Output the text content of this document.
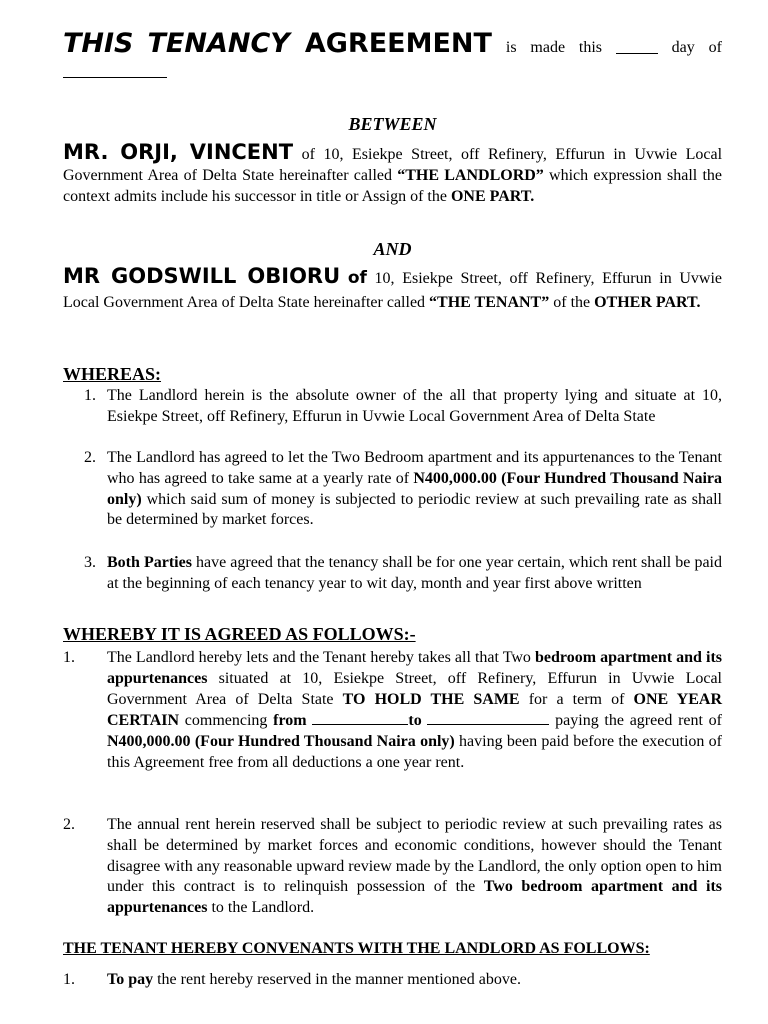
THIS TENANCY AGREEMENT is made this	day of
BETWEEN
MR. ORJI, VINCENT of 10, Esiekpe Street, off Refinery, Effurun in Uvwie Local Government Area of Delta State hereinafter called “THE LANDLORD” which expression shall the context admits include his successor in title or Assign of the ONE PART.
AND
MR GODSWILL OBIORU of 10, Esiekpe Street, off Refinery, Effurun in Uvwie Local Government Area of Delta State hereinafter called “THE TENANT” of the OTHER PART.
WHEREAS:
1. The Landlord herein is the absolute owner of the all that property lying and situate at 10, Esiekpe Street, off Refinery, Effurun in Uvwie Local Government Area of Delta State
2. The Landlord has agreed to let the Two Bedroom apartment and its appurtenances to the Tenant who has agreed to take same at a yearly rate of N400,000.00 (Four Hundred Thousand Naira only) which said sum of money is subjected to periodic review at such prevailing rate as shall be determined by market forces.
3. Both Parties have agreed that the tenancy shall be for one year certain, which rent shall be paid at the beginning of each tenancy year to wit day, month and year first above written
WHEREBY IT IS AGREED AS FOLLOWS:-
1. The Landlord hereby lets and the Tenant hereby takes all that Two bedroom apartment and its appurtenances situated at 10, Esiekpe Street, off Refinery, Effurun in Uvwie Local Government Area of Delta State TO HOLD THE SAME for a term of ONE YEAR CERTAIN commencing from	to	paying the agreed rent of N400,000.00 (Four Hundred Thousand Naira only) having been paid before the execution of this Agreement free from all deductions a one year rent.
2. The annual rent herein reserved shall be subject to periodic review at such prevailing rates as shall be determined by market forces and economic conditions, however should the Tenant disagree with any reasonable upward review made by the Landlord, the only option open to him under this contract is to relinquish possession of the Two bedroom apartment and its appurtenances to the Landlord.
THE TENANT HEREBY CONVENANTS WITH THE LANDLORD AS FOLLOWS:
1. To pay the rent hereby reserved in the manner mentioned above.
